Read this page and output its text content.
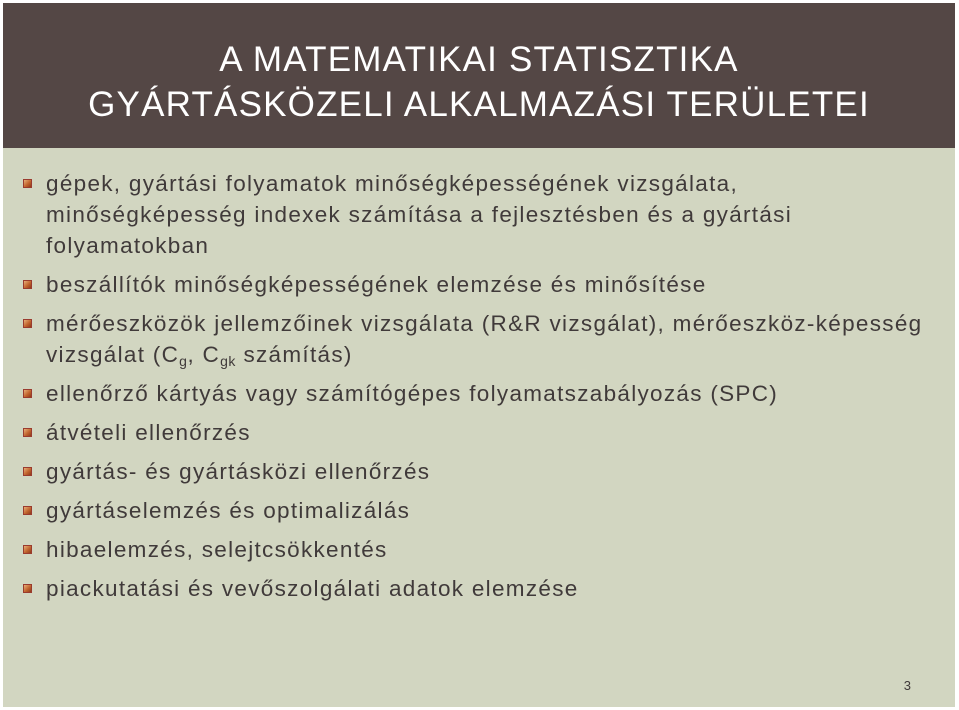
A MATEMATIKAI STATISZTIKA
GYÁRTÁSKÖZELI ALKALMAZÁSI TERÜLETEI
gépek, gyártási folyamatok minőségképességének vizsgálata, minőségképesség indexek számítása a fejlesztésben és a gyártási folyamatokban
beszállítók minőségképességének elemzése és minősítése
mérőeszközök jellemzőinek vizsgálata (R&R vizsgálat), mérőeszköz-képesség vizsgálat ($C_g$, $C_{gk}$ számítás)
ellenőrző kártyás vagy számítógépes folyamatszabályozás (SPC)
átvételi ellenőrzés
gyártás- és gyártásközi ellenőrzés
gyártáselemzés és optimalizálás
hibaelemzés, selejtcsökkentés
piackutatási és vevőszolgálati adatok elemzése
3
